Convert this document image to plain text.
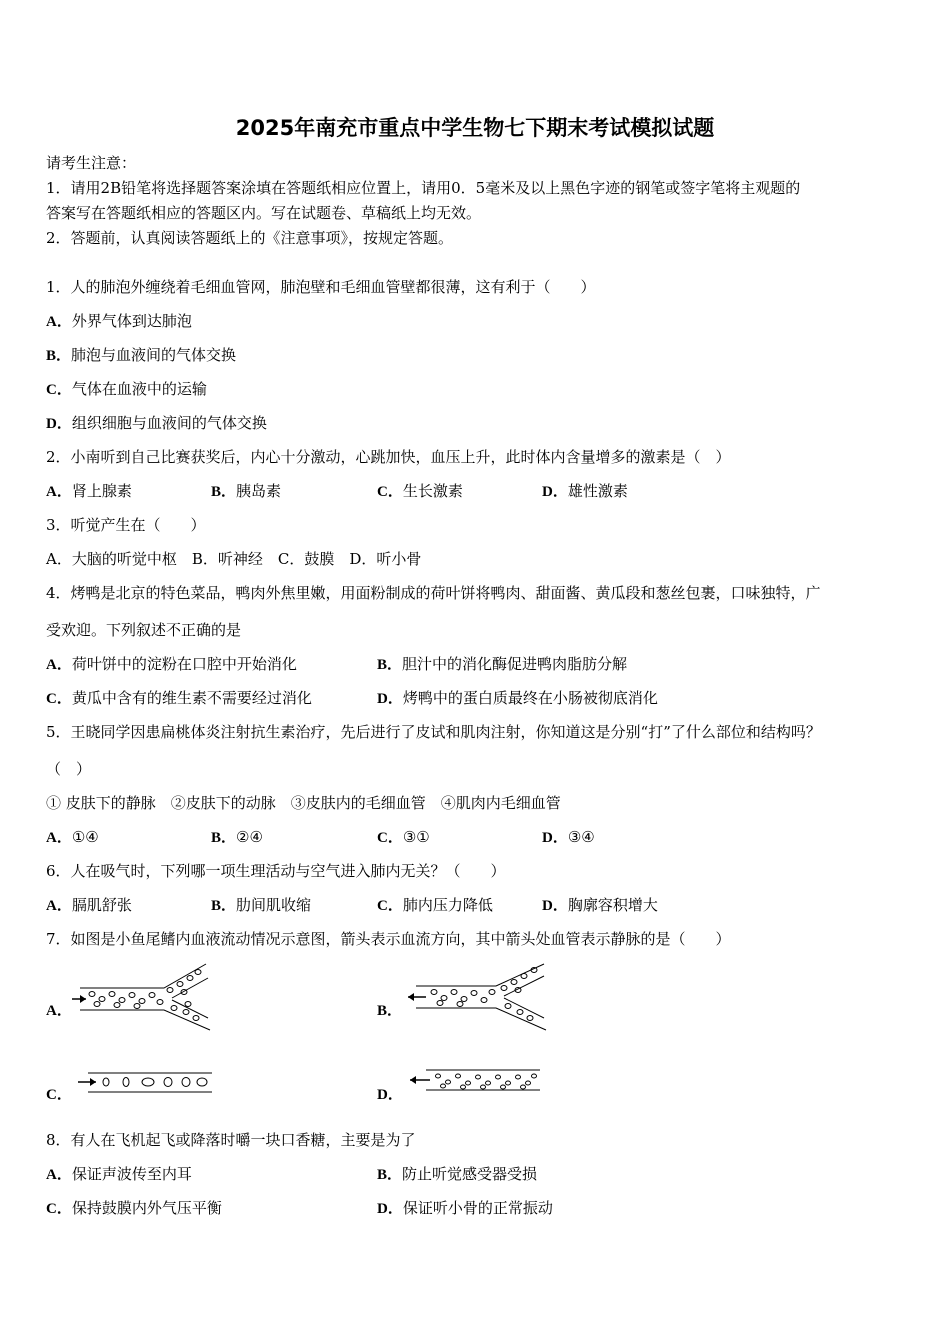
2025年南充市重点中学生物七下期末考试模拟试题
请考生注意：
1．请用2B铅笔将选择题答案涂填在答题纸相应位置上，请用0．5毫米及以上黑色字迹的钢笔或签字笔将主观题的
答案写在答题纸相应的答题区内。写在试题卷、草稿纸上均无效。
2．答题前，认真阅读答题纸上的《注意事项》，按规定答题。
1．人的肺泡外缠绕着毛细血管网，肺泡壁和毛细血管壁都很薄，这有利于（　　）
A．外界气体到达肺泡
B．肺泡与血液间的气体交换
C．气体在血液中的运输
D．组织细胞与血液间的气体交换
2．小南听到自己比赛获奖后，内心十分激动，心跳加快，血压上升，此时体内含量增多的激素是（　）
A．肾上腺素	B．胰岛素	C．生长激素	D．雄性激素
3．听觉产生在（　　）
A．大脑的听觉中枢　B．听神经　C．鼓膜　D．听小骨
4．烤鸭是北京的特色菜品，鸭肉外焦里嫩，用面粉制成的荷叶饼将鸭肉、甜面酱、黄瓜段和葱丝包裹，口味独特，广
受欢迎。下列叙述不正确的是
A．荷叶饼中的淀粉在口腔中开始消化	B．胆汁中的消化酶促进鸭肉脂肪分解
C．黄瓜中含有的维生素不需要经过消化	D．烤鸭中的蛋白质最终在小肠被彻底消化
5．王晓同学因患扁桃体炎注射抗生素治疗，先后进行了皮试和肌肉注射，你知道这是分别“打”了什么部位和结构吗？
（　）
① 皮肤下的静脉　②皮肤下的动脉　③皮肤内的毛细血管　④肌肉内毛细血管
A．①④	B．②④	C．③①	D．③④
6．人在吸气时，下列哪一项生理活动与空气进入肺内无关？（　　）
A．膈肌舒张	B．肋间肌收缩	C．肺内压力降低	D．胸廓容积增大
7．如图是小鱼尾鳍内血液流动情况示意图，箭头表示血流方向，其中箭头处血管表示静脉的是（　　）
A．	B．
C．	D．
8．有人在飞机起飞或降落时嚼一块口香糖，主要是为了
A．保证声波传至内耳	B．防止听觉感受器受损
C．保持鼓膜内外气压平衡	D．保证听小骨的正常振动
